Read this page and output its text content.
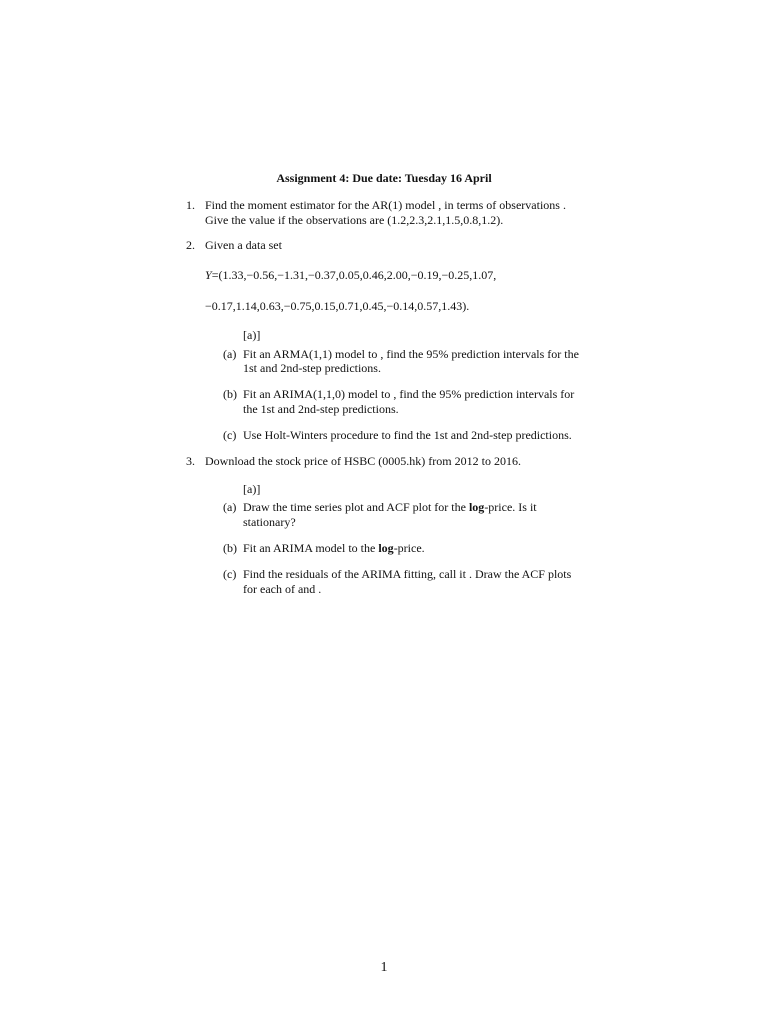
Assignment 4: Due date: Tuesday 16 April
1. Find the moment estimator for the AR(1) model , in terms of observations .
Give the value if the observations are (1.2,2.3,2.1,1.5,0.8,1.2).
2. Given a data set
Y=(1.33,−0.56,−1.31,−0.37,0.05,0.46,2.00,−0.19,−0.25,1.07,
−0.17,1.14,0.63,−0.75,0.15,0.71,0.45,−0.14,0.57,1.43).
[a)]
(a) Fit an ARMA(1,1) model to , find the 95% prediction intervals for the
1st and 2nd-step predictions.
(b) Fit an ARIMA(1,1,0) model to , find the 95% prediction intervals for
the 1st and 2nd-step predictions.
(c) Use Holt-Winters procedure to find the 1st and 2nd-step predictions.
3. Download the stock price of HSBC (0005.hk) from 2012 to 2016.
[a)]
(a) Draw the time series plot and ACF plot for the log-price. Is it
stationary?
(b) Fit an ARIMA model to the log-price.
(c) Find the residuals of the ARIMA fitting, call it . Draw the ACF plots
for each of and .
1
